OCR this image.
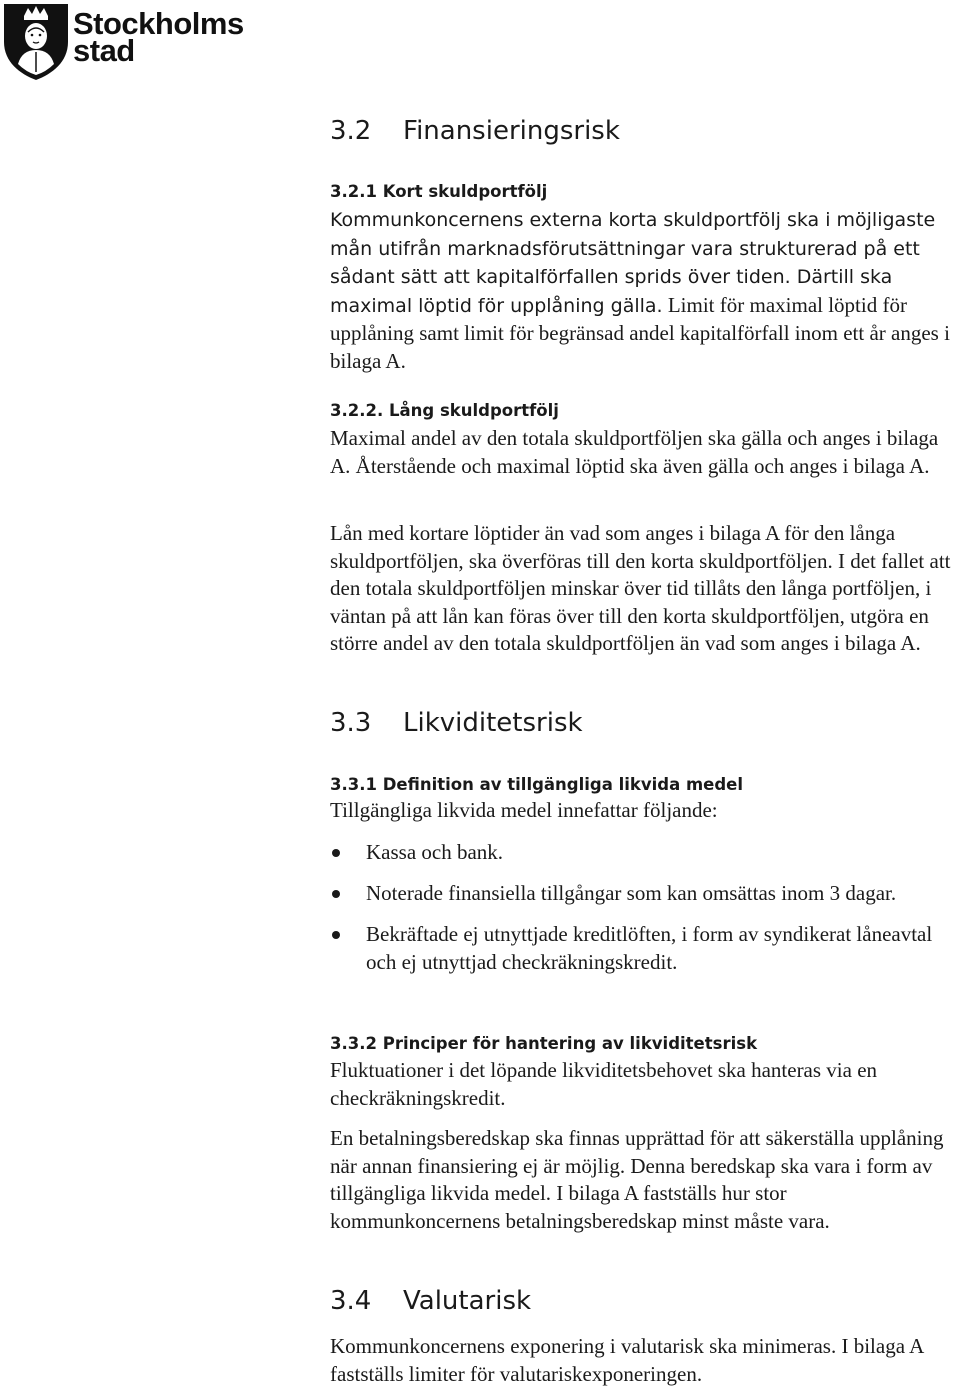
Stockholms
stad
3.2 Finansieringsrisk
3.2.1 Kort skuldportfölj

Kommunkoncernens externa korta skuldportfölj ska i möjligaste mån utifrån marknadsförutsättningar vara strukturerad på ett sådant sätt att kapitalförfallen sprids över tiden. Därtill ska maximal löptid för upplåning gälla. Limit för maximal löptid för upplåning samt limit för begränsad andel kapitalförfall inom ett år anges i bilaga A.

3.2.2. Lång skuldportfölj

Maximal andel av den totala skuldportföljen ska gälla och anges i bilaga A. Återstående och maximal löptid ska även gälla och anges i bilaga A.

Lån med kortare löptider än vad som anges i bilaga A för den långa skuldportföljen, ska överföras till den korta skuldportföljen. I det fallet att den totala skuldportföljen minskar över tid tillåts den långa portföljen, i väntan på att lån kan föras över till den korta skuldportföljen, utgöra en större andel av den totala skuldportföljen än vad som anges i bilaga A.

3.3 Likviditetsrisk
3.3.1 Definition av tillgängliga likvida medel

Tillgängliga likvida medel innefattar följande:

Kassa och bank.
Noterade finansiella tillgångar som kan omsättas inom 3 dagar.
Bekräftade ej utnyttjade kreditlöften, i form av syndikerat låneavtal och ej utnyttjad checkräkningskredit.
3.3.2 Principer för hantering av likviditetsrisk

Fluktuationer i det löpande likviditetsbehovet ska hanteras via en checkräkningskredit.

En betalningsberedskap ska finnas upprättad för att säkerställa upplåning när annan finansiering ej är möjlig. Denna beredskap ska vara i form av tillgängliga likvida medel. I bilaga A fastställs hur stor kommunkoncernens betalningsberedskap minst måste vara.

3.4 Valutarisk

Kommunkoncernens exponering i valutarisk ska minimeras. I bilaga A fastställs limiter för valutariskexponeringen.
